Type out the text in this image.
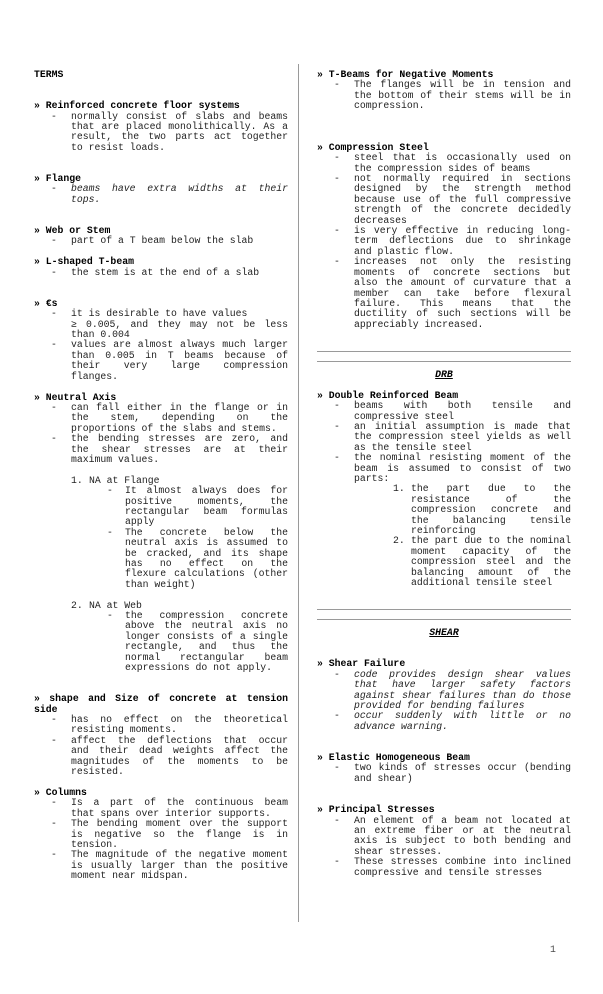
TERMS
» Reinforced concrete floor systems
-	normally consist of slabs and beams that are placed monolithically. As a result, the two parts act together to resist loads.
» Flange
-	beams have extra widths at their tops.
» Web or Stem
-	part of a T beam below the slab
» L-shaped T-beam
-	the stem is at the end of a slab
» €s
-	it is desirable to have values
≥ 0.005, and they may not be less than 0.004
-	values are almost always much larger than 0.005 in T beams because of their very large compression flanges.
» Neutral Axis
-	can fall either in the flange or in the stem, depending on the proportions of the slabs and stems.
-	the bending stresses are zero, and the shear stresses are at their maximum values.
1. NA at Flange
-	It almost always does for positive moments, the rectangular beam formulas apply
-	The concrete below the neutral axis is assumed to be cracked, and its shape has no effect on the flexure calculations (other than weight)
2. NA at Web
-	the compression concrete above the neutral axis no longer consists of a single rectangle, and thus the normal rectangular beam expressions do not apply.
» shape and Size of concrete at tension side
-	has no effect on the theoretical resisting moments.
-	affect the deflections that occur and their dead weights affect the magnitudes of the moments to be resisted.
» Columns
-	Is a part of the continuous beam that spans over interior supports.
-	The bending moment over the support is negative so the flange is in tension.
-	The magnitude of the negative moment is usually larger than the positive moment near midspan.
» T-Beams for Negative Moments
-	The flanges will be in tension and the bottom of their stems will be in compression.
» Compression Steel
-	steel that is occasionally used on the compression sides of beams
-	not normally required in sections designed by the strength method because use of the full compressive strength of the concrete decidedly decreases
-	is very effective in reducing long-term deflections due to shrinkage and plastic flow.
-	increases not only the resisting moments of concrete sections but also the amount of curvature that a member can take before flexural failure. This means that the ductility of such sections will be appreciably increased.
DRB
» Double Reinforced Beam
-	beams with both tensile and compressive steel
-	an initial assumption is made that the compression steel yields as well as the tensile steel
-	the nominal resisting moment of the beam is assumed to consist of two parts:
1. the part due to the resistance of the compression concrete and the balancing tensile reinforcing
2. the part due to the nominal moment capacity of the compression steel and the balancing amount of the additional tensile steel
SHEAR
» Shear Failure
-	code provides design shear values that have larger safety factors against shear failures than do those provided for bending failures
-	occur suddenly with little or no advance warning.
» Elastic Homogeneous Beam
-	two kinds of stresses occur (bending and shear)
» Principal Stresses
-	An element of a beam not located at an extreme fiber or at the neutral axis is subject to both bending and shear stresses.
-	These stresses combine into inclined compressive and tensile stresses
1
